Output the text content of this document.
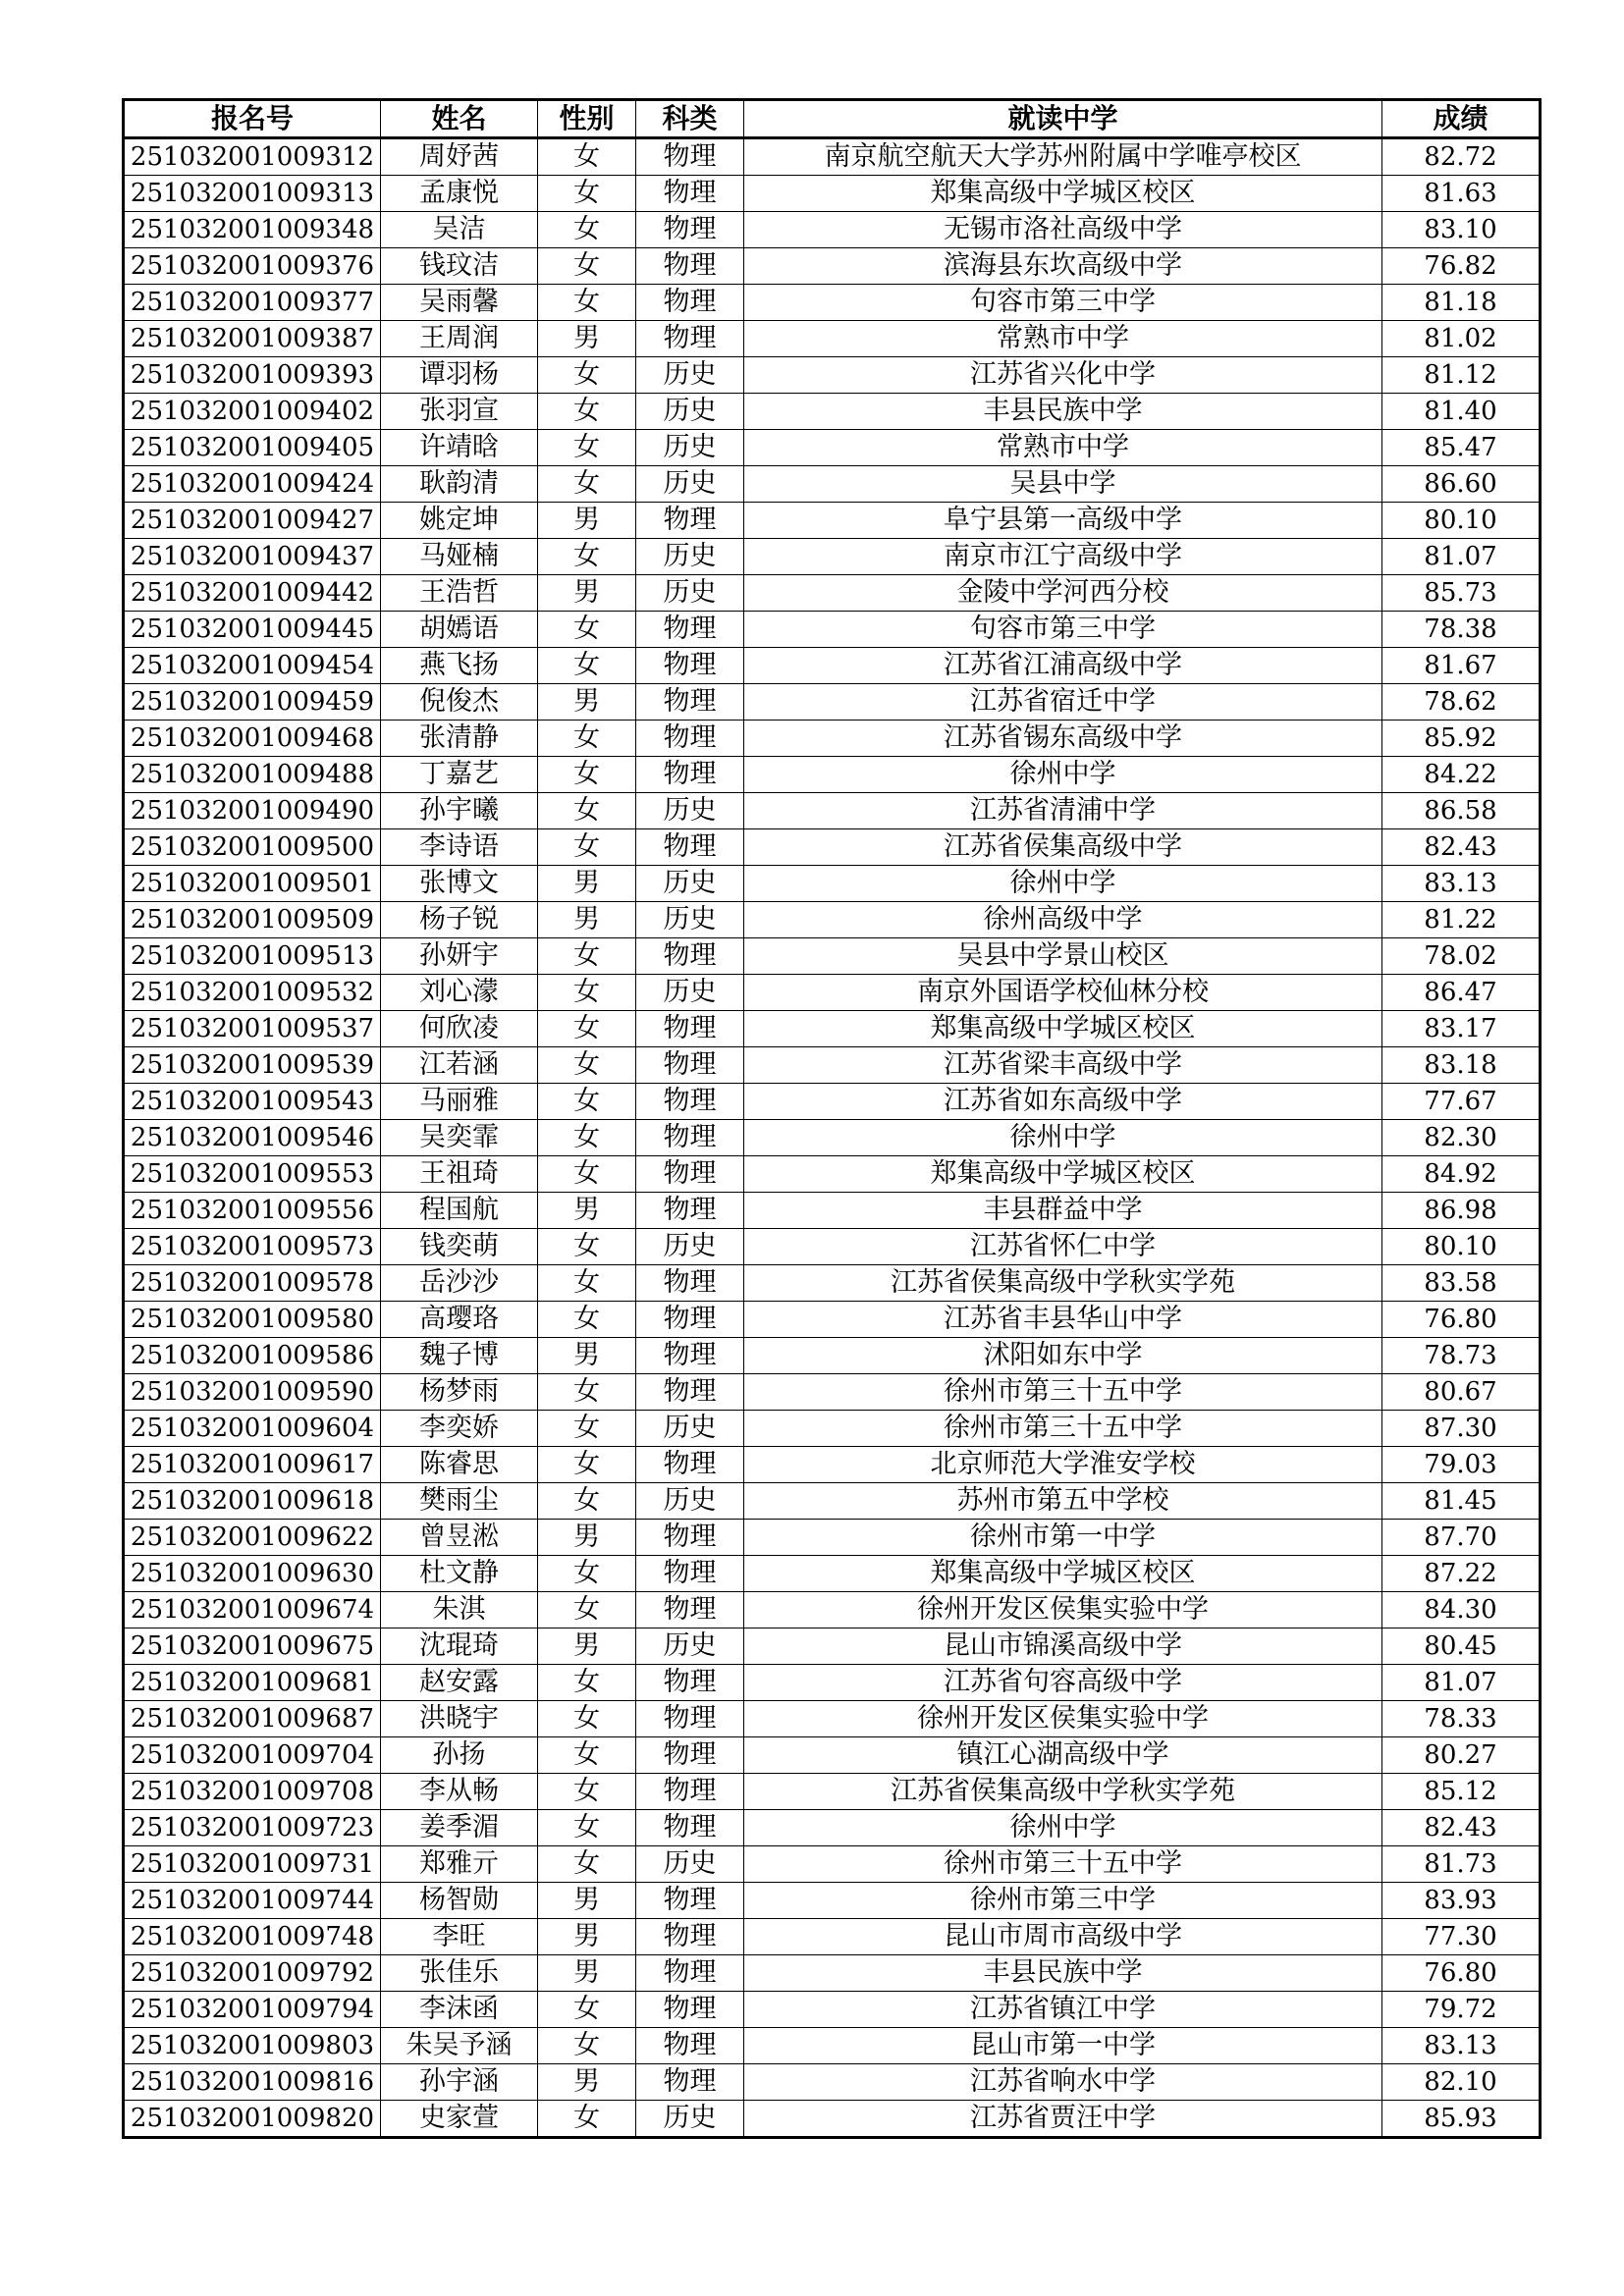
报名号	姓名	性别	科类	就读中学	成绩
251032001009312	周妤茜	女	物理	南京航空航天大学苏州附属中学唯亭校区	82.72
251032001009313	孟康悦	女	物理	郑集高级中学城区校区	81.63
251032001009348	吴洁	女	物理	无锡市洛社高级中学	83.10
251032001009376	钱玟洁	女	物理	滨海县东坎高级中学	76.82
251032001009377	吴雨馨	女	物理	句容市第三中学	81.18
251032001009387	王周润	男	物理	常熟市中学	81.02
251032001009393	谭羽杨	女	历史	江苏省兴化中学	81.12
251032001009402	张羽宣	女	历史	丰县民族中学	81.40
251032001009405	许靖晗	女	历史	常熟市中学	85.47
251032001009424	耿韵清	女	历史	吴县中学	86.60
251032001009427	姚定坤	男	物理	阜宁县第一高级中学	80.10
251032001009437	马娅楠	女	历史	南京市江宁高级中学	81.07
251032001009442	王浩哲	男	历史	金陵中学河西分校	85.73
251032001009445	胡嫣语	女	物理	句容市第三中学	78.38
251032001009454	燕飞扬	女	物理	江苏省江浦高级中学	81.67
251032001009459	倪俊杰	男	物理	江苏省宿迁中学	78.62
251032001009468	张清静	女	物理	江苏省锡东高级中学	85.92
251032001009488	丁嘉艺	女	物理	徐州中学	84.22
251032001009490	孙宇曦	女	历史	江苏省清浦中学	86.58
251032001009500	李诗语	女	物理	江苏省侯集高级中学	82.43
251032001009501	张博文	男	历史	徐州中学	83.13
251032001009509	杨子锐	男	历史	徐州高级中学	81.22
251032001009513	孙妍宇	女	物理	吴县中学景山校区	78.02
251032001009532	刘心濛	女	历史	南京外国语学校仙林分校	86.47
251032001009537	何欣凌	女	物理	郑集高级中学城区校区	83.17
251032001009539	江若涵	女	物理	江苏省梁丰高级中学	83.18
251032001009543	马丽雅	女	物理	江苏省如东高级中学	77.67
251032001009546	吴奕霏	女	物理	徐州中学	82.30
251032001009553	王祖琦	女	物理	郑集高级中学城区校区	84.92
251032001009556	程国航	男	物理	丰县群益中学	86.98
251032001009573	钱奕萌	女	历史	江苏省怀仁中学	80.10
251032001009578	岳沙沙	女	物理	江苏省侯集高级中学秋实学苑	83.58
251032001009580	高璎珞	女	物理	江苏省丰县华山中学	76.80
251032001009586	魏子博	男	物理	沭阳如东中学	78.73
251032001009590	杨梦雨	女	物理	徐州市第三十五中学	80.67
251032001009604	李奕娇	女	历史	徐州市第三十五中学	87.30
251032001009617	陈睿思	女	物理	北京师范大学淮安学校	79.03
251032001009618	樊雨尘	女	历史	苏州市第五中学校	81.45
251032001009622	曾昱淞	男	物理	徐州市第一中学	87.70
251032001009630	杜文静	女	物理	郑集高级中学城区校区	87.22
251032001009674	朱淇	女	物理	徐州开发区侯集实验中学	84.30
251032001009675	沈琨琦	男	历史	昆山市锦溪高级中学	80.45
251032001009681	赵安露	女	物理	江苏省句容高级中学	81.07
251032001009687	洪晓宇	女	物理	徐州开发区侯集实验中学	78.33
251032001009704	孙扬	女	物理	镇江心湖高级中学	80.27
251032001009708	李从畅	女	物理	江苏省侯集高级中学秋实学苑	85.12
251032001009723	姜季湄	女	物理	徐州中学	82.43
251032001009731	郑雅亓	女	历史	徐州市第三十五中学	81.73
251032001009744	杨智勋	男	物理	徐州市第三中学	83.93
251032001009748	李旺	男	物理	昆山市周市高级中学	77.30
251032001009792	张佳乐	男	物理	丰县民族中学	76.80
251032001009794	李沫函	女	物理	江苏省镇江中学	79.72
251032001009803	朱吴予涵	女	物理	昆山市第一中学	83.13
251032001009816	孙宇涵	男	物理	江苏省响水中学	82.10
251032001009820	史家萱	女	历史	江苏省贾汪中学	85.93
